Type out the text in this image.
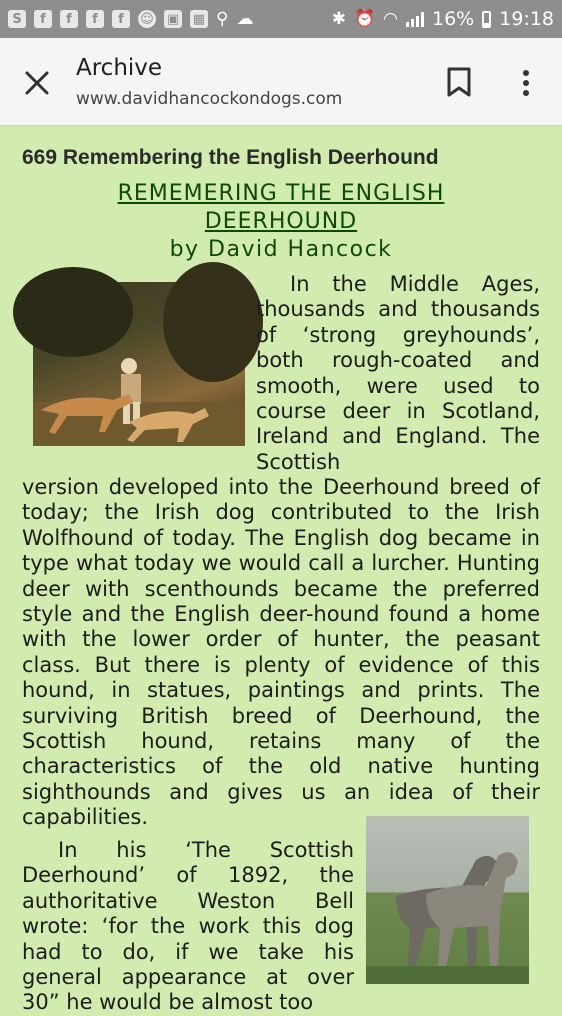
S	f	f	f	f	☺ ▣ ▦ ⚲ ☁	✱ ⏰ ◠ 16% 19:18
Archive
www.davidhancockondogs.com
669 Remembering the English Deerhound
REMEMERING THE ENGLISH
DEERHOUND
by David Hancock

In the Middle Ages, thousands and thousands of ‘strong greyhounds’, both rough-coated and smooth, were used to course deer in Scotland, Ireland and England. The Scottish

version developed into the Deerhound breed of today; the Irish dog contributed to the Irish Wolfhound of today. The English dog became in type what today we would call a lurcher. Hunting deer with scenthounds became the preferred style and the English deer-hound found a home with the lower order of hunter, the peasant class. But there is plenty of evidence of this hound, in statues, paintings and prints. The surviving British breed of Deerhound, the Scottish hound, retains many of the characteristics of the old native hunting sighthounds and gives us an idea of their capabilities.

In his ‘The Scottish Deerhound’ of 1892, the authoritative Weston Bell wrote: ‘for the work this dog had to do, if we take his general appearance at over 30” he would be almost too
